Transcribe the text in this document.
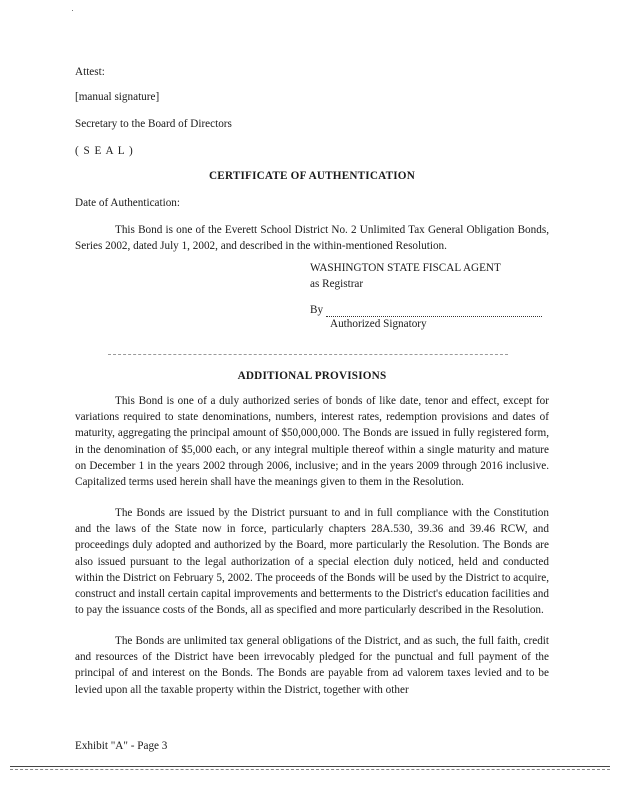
Attest:

[manual signature]

Secretary to the Board of Directors

( S E A L )

CERTIFICATE OF AUTHENTICATION

Date of Authentication:

This Bond is one of the Everett School District No. 2 Unlimited Tax General Obligation Bonds, Series 2002, dated July 1, 2002, and described in the within-mentioned Resolution.

WASHINGTON STATE FISCAL AGENT

as Registrar

By

Authorized Signatory

ADDITIONAL PROVISIONS

This Bond is one of a duly authorized series of bonds of like date, tenor and effect, except for variations required to state denominations, numbers, interest rates, redemption provisions and dates of maturity, aggregating the principal amount of $50,000,000. The Bonds are issued in fully registered form, in the denomination of $5,000 each, or any integral multiple thereof within a single maturity and mature on December 1 in the years 2002 through 2006, inclusive; and in the years 2009 through 2016 inclusive. Capitalized terms used herein shall have the meanings given to them in the Resolution.

The Bonds are issued by the District pursuant to and in full compliance with the Constitution and the laws of the State now in force, particularly chapters 28A.530, 39.36 and 39.46 RCW, and proceedings duly adopted and authorized by the Board, more particularly the Resolution. The Bonds are also issued pursuant to the legal authorization of a special election duly noticed, held and conducted within the District on February 5, 2002. The proceeds of the Bonds will be used by the District to acquire, construct and install certain capital improvements and betterments to the District's education facilities and to pay the issuance costs of the Bonds, all as specified and more particularly described in the Resolution.

The Bonds are unlimited tax general obligations of the District, and as such, the full faith, credit and resources of the District have been irrevocably pledged for the punctual and full payment of the principal of and interest on the Bonds. The Bonds are payable from ad valorem taxes levied and to be levied upon all the taxable property within the District, together with other

Exhibit "A" - Page 3
